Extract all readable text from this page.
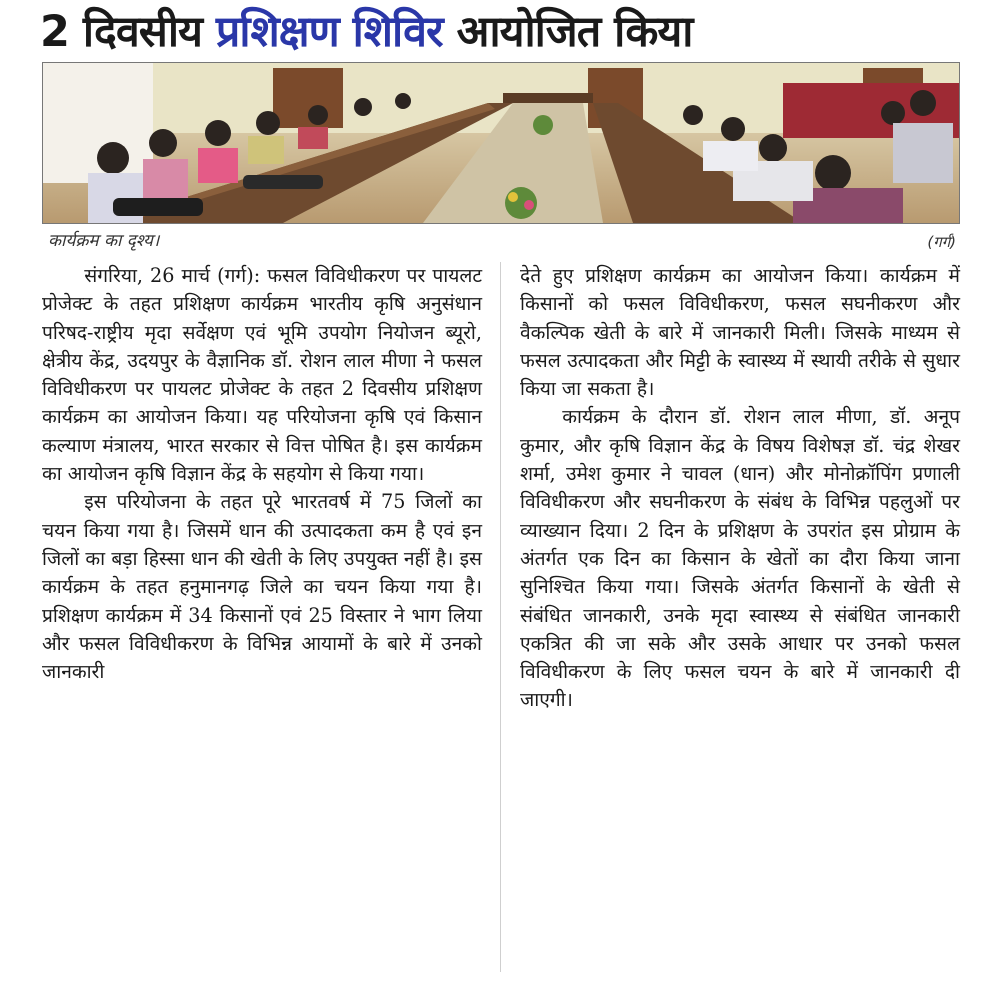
2 दिवसीय प्रशिक्षण शिविर आयोजित किया
कार्यक्रम का दृश्य।	(गर्ग)

संगरिया, 26 मार्च (गर्ग): फसल विविधीकरण पर पायलट प्रोजेक्ट के तहत प्रशिक्षण कार्यक्रम भारतीय कृषि अनुसंधान परिषद-राष्ट्रीय मृदा सर्वेक्षण एवं भूमि उपयोग नियोजन ब्यूरो, क्षेत्रीय केंद्र, उदयपुर के वैज्ञानिक डॉ. रोशन लाल मीणा ने फसल विविधीकरण पर पायलट प्रोजेक्ट के तहत 2 दिवसीय प्रशिक्षण कार्यक्रम का आयोजन किया। यह परियोजना कृषि एवं किसान कल्याण मंत्रालय, भारत सरकार से वित्त पोषित है। इस कार्यक्रम का आयोजन कृषि विज्ञान केंद्र के सहयोग से किया गया।

इस परियोजना के तहत पूरे भारतवर्ष में 75 जिलों का चयन किया गया है। जिसमें धान की उत्पादकता कम है एवं इन जिलों का बड़ा हिस्सा धान की खेती के लिए उपयुक्त नहीं है। इस कार्यक्रम के तहत हनुमानगढ़ जिले का चयन किया गया है। प्रशिक्षण कार्यक्रम में 34 किसानों एवं 25 विस्तार ने भाग लिया और फसल विविधीकरण के विभिन्न आयामों के बारे में उनको जानकारी

देते हुए प्रशिक्षण कार्यक्रम का आयोजन किया। कार्यक्रम में किसानों को फसल विविधीकरण, फसल सघनीकरण और वैकल्पिक खेती के बारे में जानकारी मिली। जिसके माध्यम से फसल उत्पादकता और मिट्टी के स्वास्थ्य में स्थायी तरीके से सुधार किया जा सकता है।

कार्यक्रम के दौरान डॉ. रोशन लाल मीणा, डॉ. अनूप कुमार, और कृषि विज्ञान केंद्र के विषय विशेषज्ञ डॉ. चंद्र शेखर शर्मा, उमेश कुमार ने चावल (धान) और मोनोक्रॉपिंग प्रणाली विविधीकरण और सघनीकरण के संबंध के विभिन्न पहलुओं पर व्याख्यान दिया। 2 दिन के प्रशिक्षण के उपरांत इस प्रोग्राम के अंतर्गत एक दिन का किसान के खेतों का दौरा किया जाना सुनिश्चित किया गया। जिसके अंतर्गत किसानों के खेती से संबंधित जानकारी, उनके मृदा स्वास्थ्य से संबंधित जानकारी एकत्रित की जा सके और उसके आधार पर उनको फसल विविधीकरण के लिए फसल चयन के बारे में जानकारी दी जाएगी।
